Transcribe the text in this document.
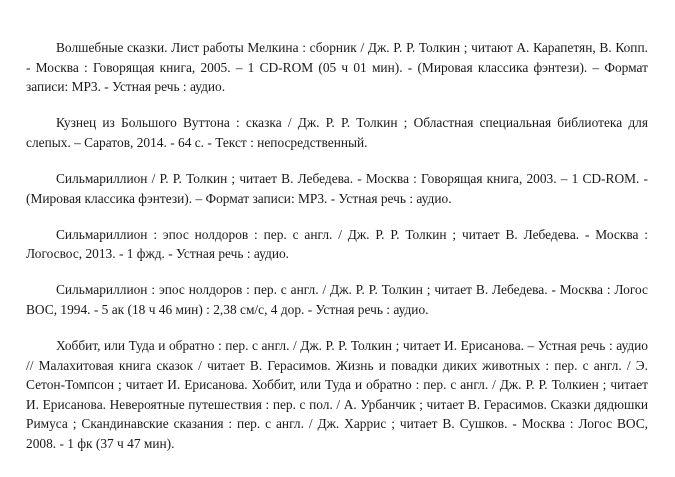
Волшебные сказки. Лист работы Мелкина : сборник / Дж. Р. Р. Толкин ; читают А. Карапетян, В. Копп. - Москва : Говорящая книга, 2005. – 1 CD-ROM (05 ч 01 мин). - (Мировая классика фэнтези). – Формат записи: MP3. - Устная речь : аудио.

Кузнец из Большого Вуттона : сказка / Дж. Р. Р. Толкин ; Областная специальная библиотека для слепых. – Саратов, 2014. - 64 с. - Текст : непосредственный.

Сильмариллион / Р. Р. Толкин ; читает В. Лебедева. - Москва : Говорящая книга, 2003. – 1 CD-ROM. - (Мировая классика фэнтези). – Формат записи: MP3. - Устная речь : аудио.

Сильмариллион : эпос нолдоров : пер. с англ. / Дж. Р. Р. Толкин ; читает В. Лебедева. - Москва : Логосвос, 2013. - 1 фжд. - Устная речь : аудио.

Сильмариллион : эпос нолдоров : пер. с англ. / Дж. Р. Р. Толкин ; читает В. Лебедева. - Москва : Логос ВОС, 1994. - 5 ак (18 ч 46 мин) : 2,38 см/с, 4 дор. - Устная речь : аудио.

Хоббит, или Туда и обратно : пер. с англ. / Дж. Р. Р. Толкин ; читает И. Ерисанова. – Устная речь : аудио // Малахитовая книга сказок / читает В. Герасимов. Жизнь и повадки диких животных : пер. с англ. / Э. Сетон-Томпсон ; читает И. Ерисанова. Хоббит, или Туда и обратно : пер. с англ. / Дж. Р. Р. Толкиен ; читает И. Ерисанова. Невероятные путешествия : пер. с пол. / А. Урбанчик ; читает В. Герасимов. Сказки дядюшки Римуса ; Скандинавские сказания : пер. с англ. / Дж. Харрис ; читает В. Сушков. - Москва : Логос ВОС, 2008. - 1 фк (37 ч 47 мин).
